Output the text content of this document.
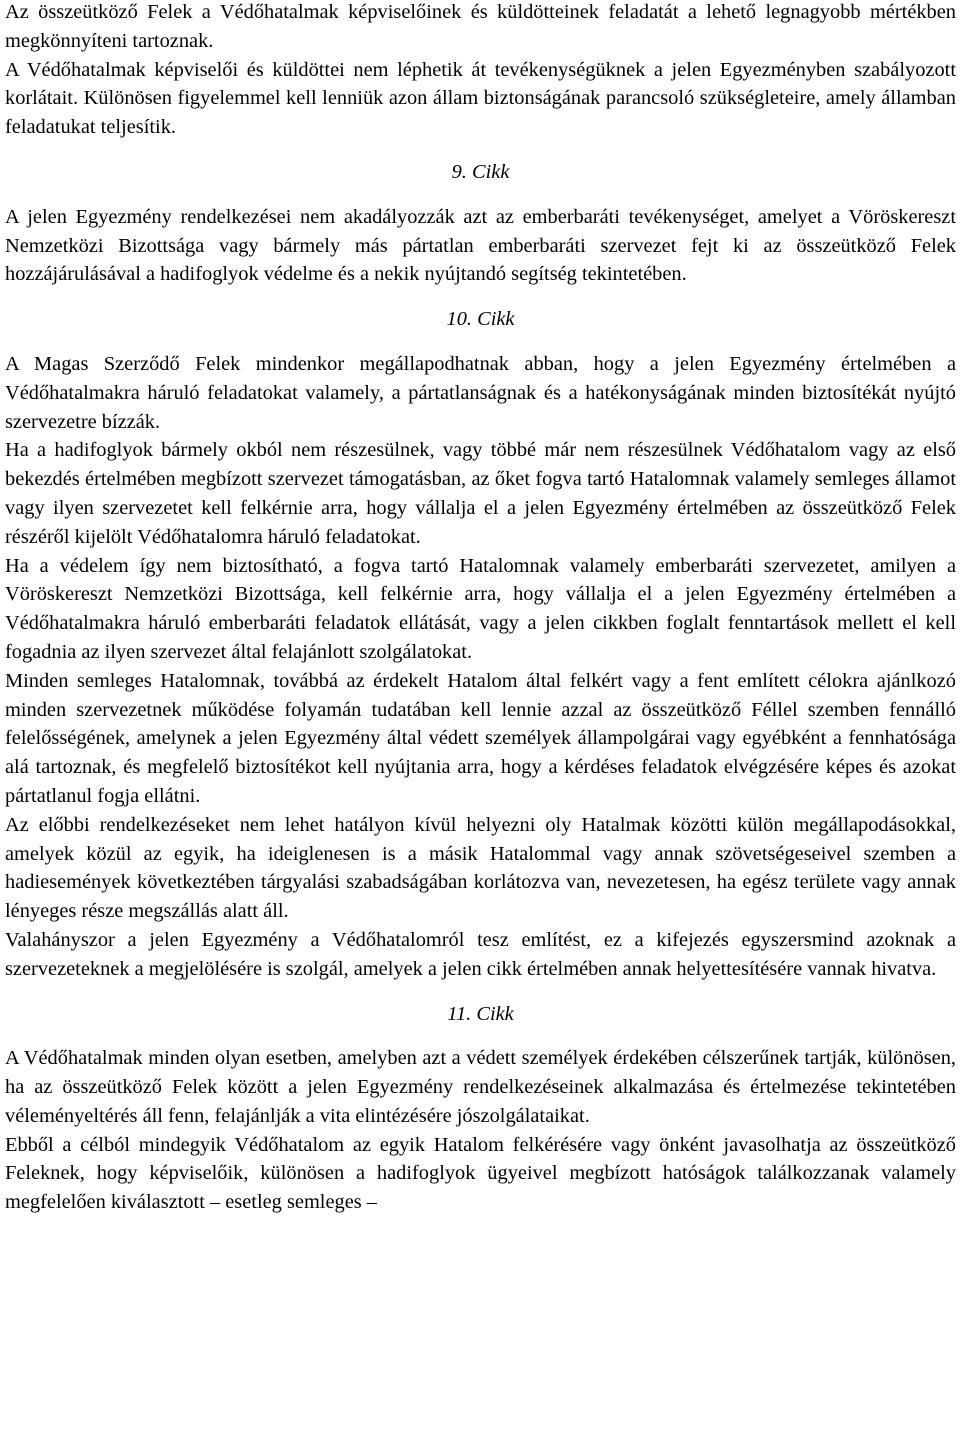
Az összeütköző Felek a Védőhatalmak képviselőinek és küldötteinek feladatát a lehető legnagyobb mértékben megkönnyíteni tartoznak.

A Védőhatalmak képviselői és küldöttei nem léphetik át tevékenységüknek a jelen Egyezményben szabályozott korlátait. Különösen figyelemmel kell lenniük azon állam biztonságának parancsoló szükségleteire, amely államban feladatukat teljesítik.

9. Cikk

A jelen Egyezmény rendelkezései nem akadályozzák azt az emberbaráti tevékenységet, amelyet a Vöröskereszt Nemzetközi Bizottsága vagy bármely más pártatlan emberbaráti szervezet fejt ki az összeütköző Felek hozzájárulásával a hadifoglyok védelme és a nekik nyújtandó segítség tekintetében.

10. Cikk

A Magas Szerződő Felek mindenkor megállapodhatnak abban, hogy a jelen Egyezmény értelmében a Védőhatalmakra háruló feladatokat valamely, a pártatlanságnak és a hatékonyságának minden biztosítékát nyújtó szervezetre bízzák.

Ha a hadifoglyok bármely okból nem részesülnek, vagy többé már nem részesülnek Védőhatalom vagy az első bekezdés értelmében megbízott szervezet támogatásban, az őket fogva tartó Hatalomnak valamely semleges államot vagy ilyen szervezetet kell felkérnie arra, hogy vállalja el a jelen Egyezmény értelmében az összeütköző Felek részéről kijelölt Védőhatalomra háruló feladatokat.

Ha a védelem így nem biztosítható, a fogva tartó Hatalomnak valamely emberbaráti szervezetet, amilyen a Vöröskereszt Nemzetközi Bizottsága, kell felkérnie arra, hogy vállalja el a jelen Egyezmény értelmében a Védőhatalmakra háruló emberbaráti feladatok ellátását, vagy a jelen cikkben foglalt fenntartások mellett el kell fogadnia az ilyen szervezet által felajánlott szolgálatokat.

Minden semleges Hatalomnak, továbbá az érdekelt Hatalom által felkért vagy a fent említett célokra ajánlkozó minden szervezetnek működése folyamán tudatában kell lennie azzal az összeütköző Féllel szemben fennálló felelősségének, amelynek a jelen Egyezmény által védett személyek állampolgárai vagy egyébként a fennhatósága alá tartoznak, és megfelelő biztosítékot kell nyújtania arra, hogy a kérdéses feladatok elvégzésére képes és azokat pártatlanul fogja ellátni.

Az előbbi rendelkezéseket nem lehet hatályon kívül helyezni oly Hatalmak közötti külön megállapodásokkal, amelyek közül az egyik, ha ideiglenesen is a másik Hatalommal vagy annak szövetségeseivel szemben a hadiesemények következtében tárgyalási szabadságában korlátozva van, nevezetesen, ha egész területe vagy annak lényeges része megszállás alatt áll.

Valahányszor a jelen Egyezmény a Védőhatalomról tesz említést, ez a kifejezés egyszersmind azoknak a szervezeteknek a megjelölésére is szolgál, amelyek a jelen cikk értelmében annak helyettesítésére vannak hivatva.

11. Cikk

A Védőhatalmak minden olyan esetben, amelyben azt a védett személyek érdekében célszerűnek tartják, különösen, ha az összeütköző Felek között a jelen Egyezmény rendelkezéseinek alkalmazása és értelmezése tekintetében véleményeltérés áll fenn, felajánlják a vita elintézésére jószolgálataikat.

Ebből a célból mindegyik Védőhatalom az egyik Hatalom felkérésére vagy önként javasolhatja az összeütköző Feleknek, hogy képviselőik, különösen a hadifoglyok ügyeivel megbízott hatóságok találkozzanak valamely megfelelően kiválasztott – esetleg semleges –
